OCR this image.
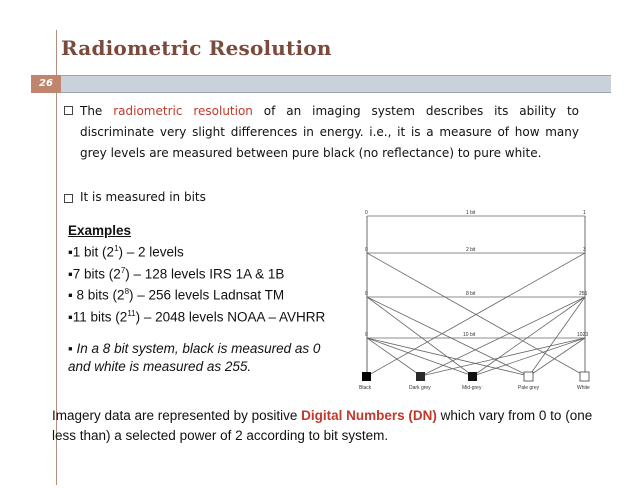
Radiometric Resolution
26
The radiometric resolution of an imaging system describes its ability to discriminate very slight differences in energy. i.e., it is a measure of how many grey levels are measured between pure black (no reflectance) to pure white.
It is measured in bits
Examples
▪1 bit $(2^1) - 2$ levels
▪7 bits $(2^7) - 128$ levels IRS 1A & 1B
▪ 8 bits $(2^8) - 256$ levels Ladnsat TM
▪11 bits $(2^{11}) - 2048$ levels NOAA – AVHRR
▪ In a 8 bit system, black is measured as 0 and white is measured as 255.
1 bit
0	1
2 bit
0	3
8 bit
0	255
10 bit
0	1023
Black	Dark grey	Mid-grey	Pale grey	White
Imagery data are represented by positive Digital Numbers (DN) which vary from 0 to (one less than) a selected power of 2 according to bit system.
